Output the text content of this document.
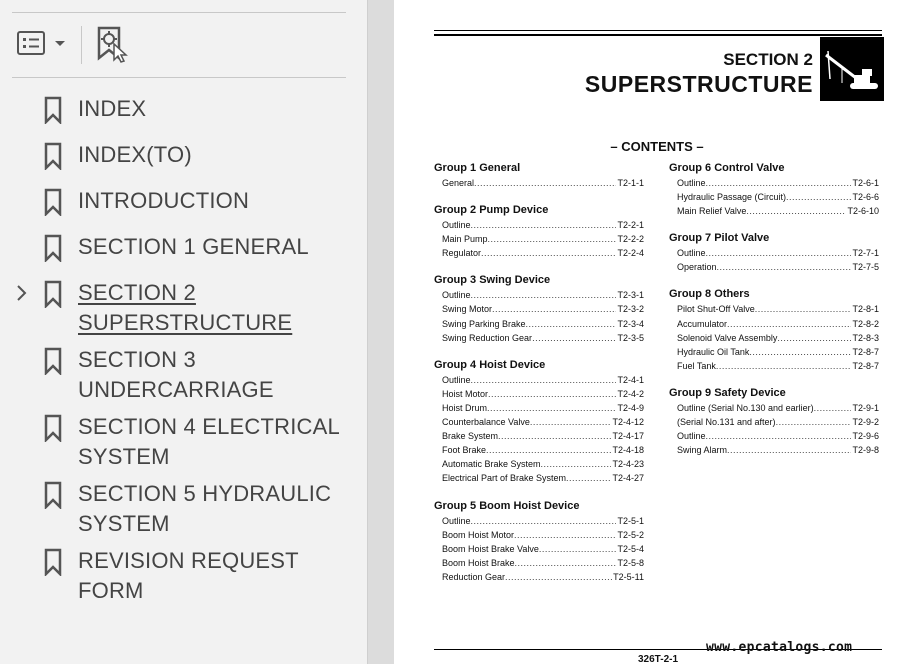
INDEX
INDEX(TO)
INTRODUCTION
SECTION 1 GENERAL
SECTION 2 SUPERSTRUCTURE
SECTION 3 UNDERCARRIAGE
SECTION 4 ELECTRICAL SYSTEM
SECTION 5 HYDRAULIC SYSTEM
REVISION REQUEST FORM
SECTION 2
SUPERSTRUCTURE
– CONTENTS –
Group 1 General
General .....	T2-1-1
Group 2 Pump Device
Outline .....	T2-2-1
Main Pump .....	T2-2-2
Regulator .....	T2-2-4
Group 3 Swing Device
Outline .....	T2-3-1
Swing Motor .....	T2-3-2
Swing Parking Brake .....	T2-3-4
Swing Reduction Gear .....	T2-3-5
Group 4 Hoist Device
Outline .....	T2-4-1
Hoist Motor .....	T2-4-2
Hoist Drum .....	T2-4-9
Counterbalance Valve .....	T2-4-12
Brake System .....	T2-4-17
Foot Brake .....	T2-4-18
Automatic Brake System .....	T2-4-23
Electrical Part of Brake System .....	T2-4-27
Group 5 Boom Hoist Device
Outline .....	T2-5-1
Boom Hoist Motor .....	T2-5-2
Boom Hoist Brake Valve .....	T2-5-4
Boom Hoist Brake .....	T2-5-8
Reduction Gear .....	T2-5-11
Group 6 Control Valve
Outline .....	T2-6-1
Hydraulic Passage (Circuit) .....	T2-6-6
Main Relief Valve .....	T2-6-10
Group 7 Pilot Valve
Outline .....	T2-7-1
Operation .....	T2-7-5
Group 8 Others
Pilot Shut-Off Valve .....	T2-8-1
Accumulator .....	T2-8-2
Solenoid Valve Assembly .....	T2-8-3
Hydraulic Oil Tank .....	T2-8-7
Fuel Tank .....	T2-8-7
Group 9 Safety Device
Outline (Serial No.130 and earlier) .....	T2-9-1
(Serial No.131 and after) .....	T2-9-2
Outline .....	T2-9-6
Swing Alarm .....	T2-9-8
326T-2-1
www.epcatalogs.com
